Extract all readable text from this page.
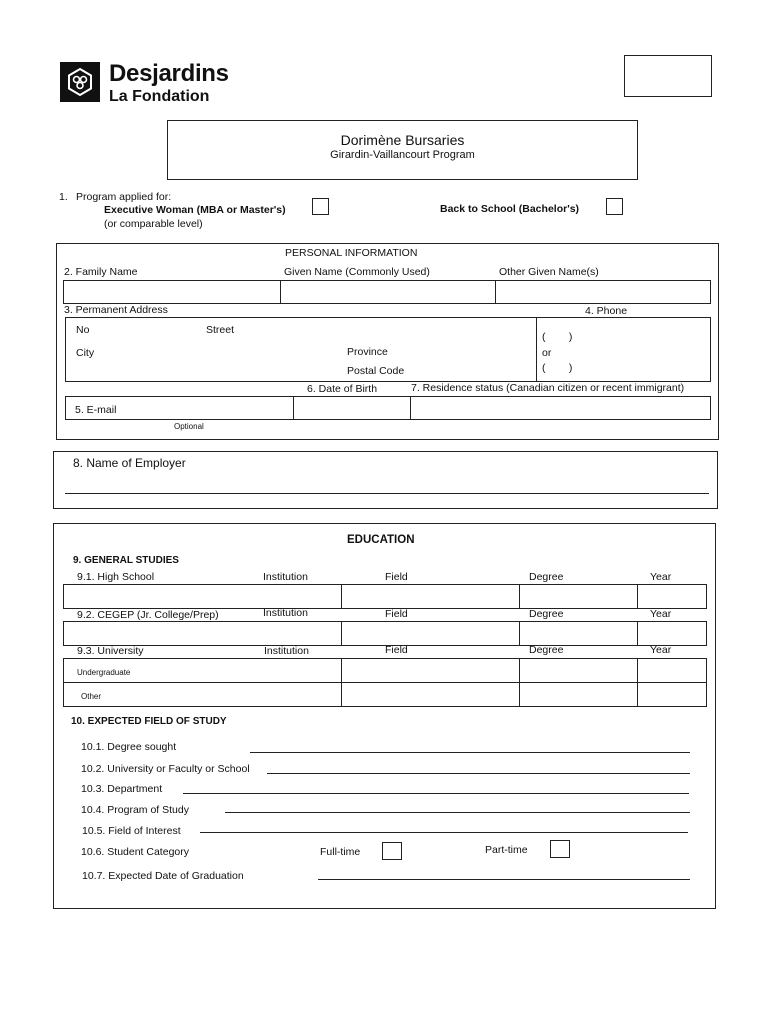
Desjardins
La Fondation
Dorimène Bursaries
Girardin-Vaillancourt Program
1. Program applied for:
Executive Woman (MBA or Master's)
(or comparable level)
Back to School (Bachelor's)
PERSONAL INFORMATION
2. Family Name	Given Name (Commonly Used)	Other Given Name(s)
3. Permanent Address	4. Phone
No	Street
City	Province
Postal Code
(        )
or
(        )
6. Date of Birth	7. Residence status (Canadian citizen or recent immigrant)
5. E-mail
Optional
8. Name of Employer
EDUCATION
9. GENERAL STUDIES
9.1. High School	Institution	Field	Degree	Year
9.2. CEGEP (Jr. College/Prep)	Institution	Field	Degree	Year
9.3. University	Institution	Field	Degree	Year
Undergraduate
Other
10. EXPECTED FIELD OF STUDY
10.1. Degree sought
10.2. University or Faculty or School
10.3. Department
10.4. Program of Study
10.5. Field of Interest
10.6. Student Category	Full-time	Part-time
10.7. Expected Date of Graduation
